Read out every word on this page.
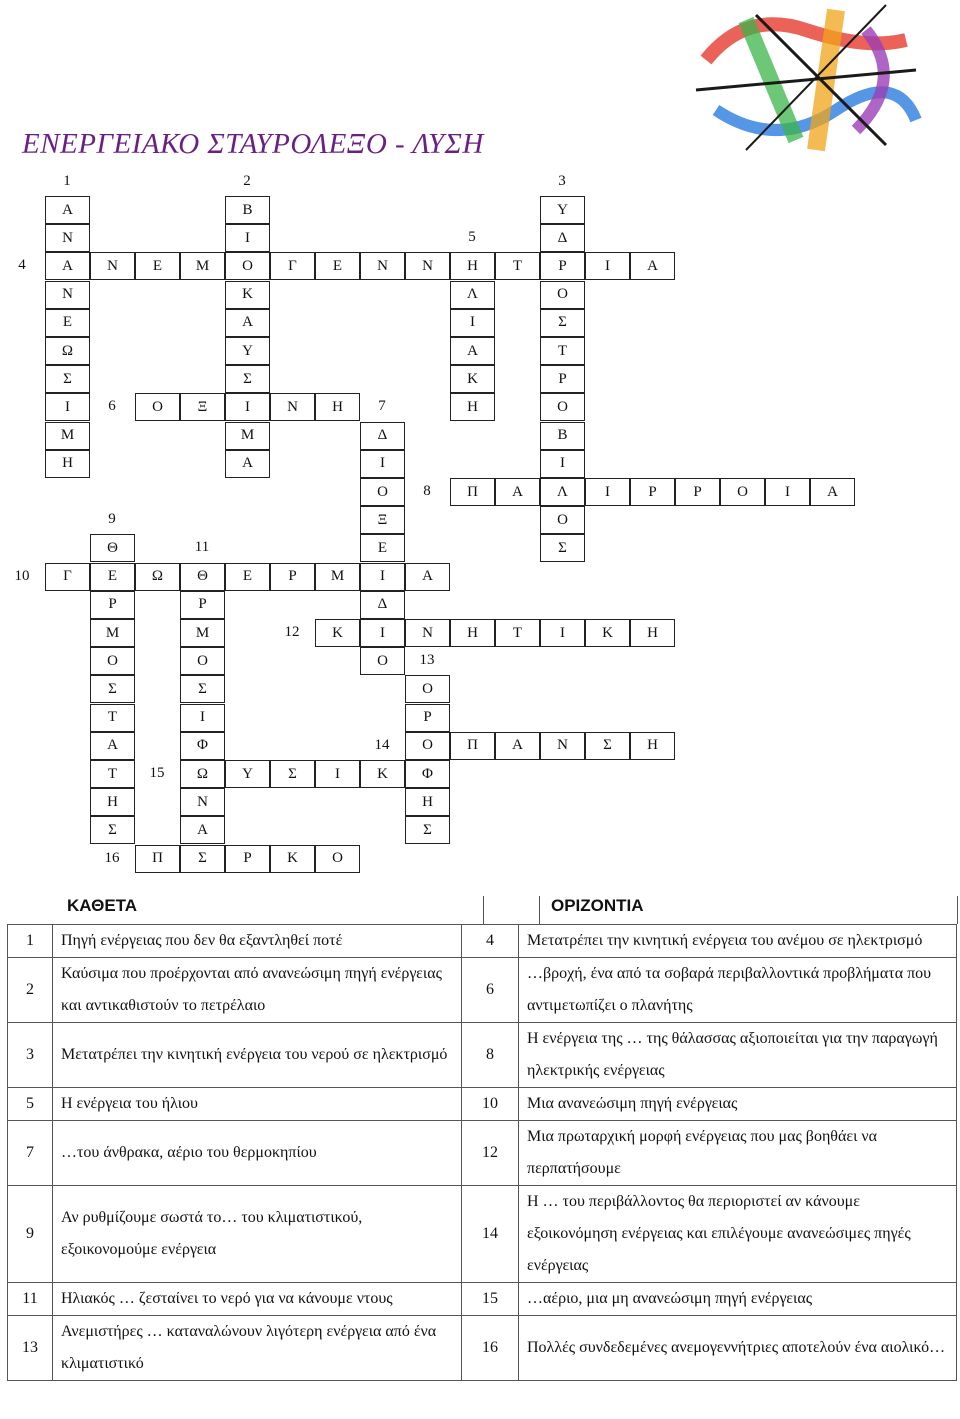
ΕΝΕΡΓΕΙΑΚΟ ΣΤΑΥΡΟΛΕΞΟ - ΛΥΣΗ
Α
Ν
Α
Ν
Ε
Ω
Σ
Ι
Μ
Η
Β
Ι
Ο
Κ
Α
Υ
Σ
Ι
Μ
Α
Υ
Δ
Ρ
Ο
Σ
Τ
Ρ
Ο
Β
Ι
Ν	Ε	Μ	Γ	Ε	Ν	Ν	Η	Τ	Ι	Α
Λ
Ι
Α
Κ
Η
Ο	Ξ	Ν	Η
Δ
Ι
Ο
Ξ
Ε
Ι
Δ
Ι
Ο
Π	Α	Λ	Ι	Ρ	Ρ	Ο	Ι	Α
Ο
Σ
Θ
Ε
Ρ
Μ
Ο
Σ
Τ
Α
Τ
Η
Σ
Γ	Ω	Θ	Ε	Ρ	Μ	Α
Ρ
Μ
Ο
Σ
Ι
Φ
Ω
Ν
Α
Σ
Κ	Ν	Η	Τ	Ι	Κ	Η
Ο
Ρ
Ο
Φ
Η
Σ
Π	Α	Ν	Σ	Η
Υ	Σ	Ι	Κ
Π	Ρ	Κ	Ο
1	2	3
5
4
6	7
8
9
11
10
12
13
14
15
16
ΚΑΘΕΤΑ	ΟΡΙΖΟΝΤΙΑ
1	Πηγή ενέργειας που δεν θα εξαντληθεί ποτέ	4	Μετατρέπει την κινητική ενέργεια του ανέμου σε ηλεκτρισμό
2	Καύσιμα που προέρχονται από ανανεώσιμη πηγή ενέργειας και αντικαθιστούν το πετρέλαιο	6	…βροχή, ένα από τα σοβαρά περιβαλλοντικά προβλήματα που αντιμετωπίζει ο πλανήτης
3	Μετατρέπει την κινητική ενέργεια του νερού σε ηλεκτρισμό	8	Η ενέργεια της … της θάλασσας αξιοποιείται για την παραγωγή ηλεκτρικής ενέργειας
5	Η ενέργεια του ήλιου	10	Μια ανανεώσιμη πηγή ενέργειας
7	…του άνθρακα, αέριο του θερμοκηπίου	12	Μια πρωταρχική μορφή ενέργειας που μας βοηθάει να περπατήσουμε
9	Αν ρυθμίζουμε σωστά το… του κλιματιστικού, εξοικονομούμε ενέργεια	14	Η … του περιβάλλοντος θα περιοριστεί αν κάνουμε εξοικονόμηση ενέργειας και επιλέγουμε ανανεώσιμες πηγές ενέργειας
11	Ηλιακός … ζεσταίνει το νερό για να κάνουμε ντους	15	…αέριο, μια μη ανανεώσιμη πηγή ενέργειας
13	Ανεμιστήρες … καταναλώνουν λιγότερη ενέργεια από ένα κλιματιστικό	16	Πολλές συνδεδεμένες ανεμογεννήτριες αποτελούν ένα αιολικό…
